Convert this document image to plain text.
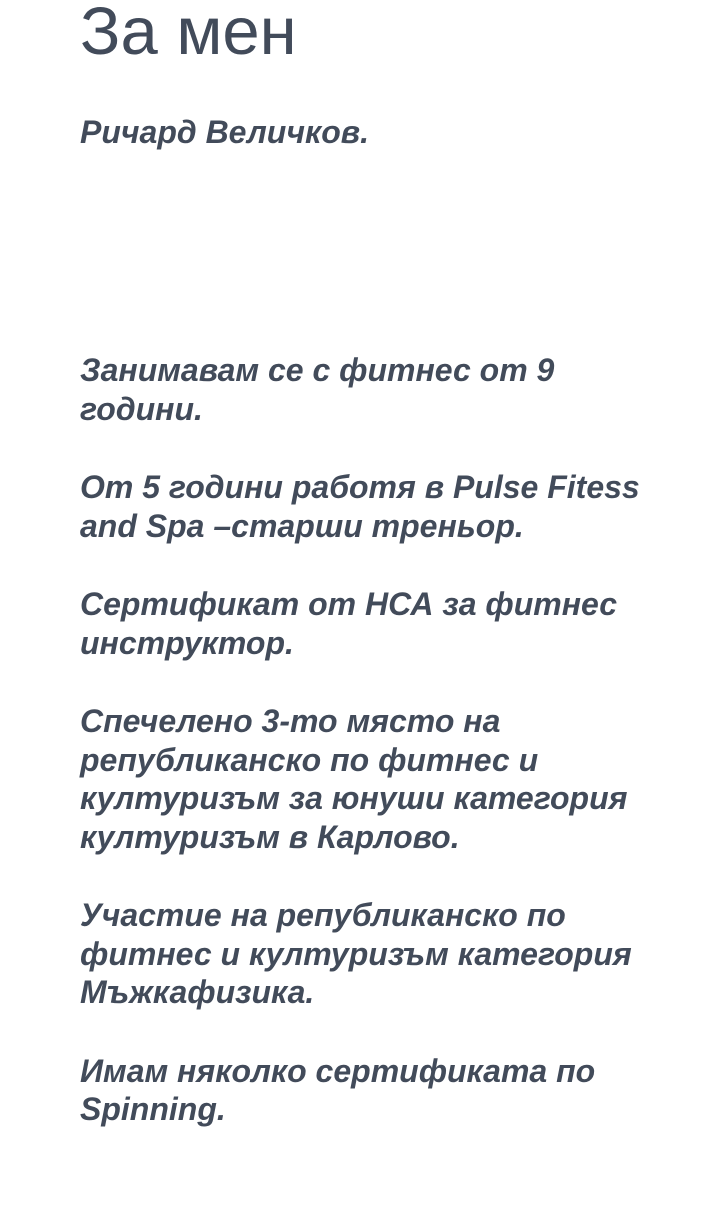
За мен

Ричард Величков.

Занимавам се с фитнес от 9 години.
От 5 години работя в Pulse Fitess and Spa –старши треньор.
Сертификат от НСА за фитнес инструктор.
Спечелено 3-то място на републиканско по фитнес и културизъм за юнуши категория културизъм в Карлово.
Участие на републиканско по фитнес и културизъм категория Мъжкафизика.
Имам няколко сертификата по Spinning.
